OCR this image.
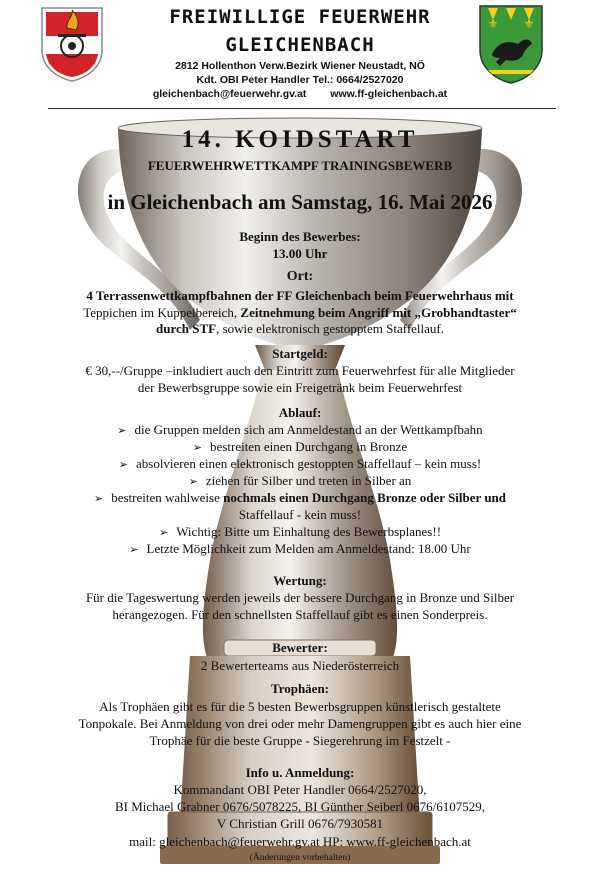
FREIWILLIGE FEUERWEHR
GLEICHENBACH
2812 Hollenthon Verw.Bezirk Wiener Neustadt, NÖ
Kdt. OBI Peter Handler Tel.: 0664/2527020
gleichenbach@feuerwehr.gv.at www.ff-gleichenbach.at
⚜ ⚜
14. KOIDSTART
FEUERWEHRWETTKAMPF TRAININGSBEWERB
in Gleichenbach am Samstag, 16. Mai 2026
Beginn des Bewerbes:
13.00 Uhr
Ort:
4 Terrassenwettkampfbahnen der FF Gleichenbach beim Feuerwehrhaus mit
Teppichen im Kuppelbereich, Zeitnehmung beim Angriff mit „Grobhandtaster“
durch STF, sowie elektronisch gestopptem Staffellauf.
Startgeld:
€ 30,--/Gruppe –inkludiert auch den Eintritt zum Feuerwehrfest für alle Mitglieder
der Bewerbsgruppe sowie ein Freigetränk beim Feuerwehrfest
Ablauf:
➢ die Gruppen melden sich am Anmeldestand an der Wettkampfbahn
➢ bestreiten einen Durchgang in Bronze
➢ absolvieren einen elektronisch gestoppten Staffellauf – kein muss!
➢ ziehen für Silber und treten in Silber an
➢ bestreiten wahlweise nochmals einen Durchgang Bronze oder Silber und
Staffellauf - kein muss!
➢ Wichtig: Bitte um Einhaltung des Bewerbsplanes!!
➢ Letzte Möglichkeit zum Melden am Anmeldestand: 18.00 Uhr
Wertung:
Für die Tageswertung werden jeweils der bessere Durchgang in Bronze und Silber
herangezogen. Für den schnellsten Staffellauf gibt es einen Sonderpreis.
Bewerter:
2 Bewerterteams aus Niederösterreich
Trophäen:
Als Trophäen gibt es für die 5 besten Bewerbsgruppen künstlerisch gestaltete
Tonpokale. Bei Anmeldung von drei oder mehr Damengruppen gibt es auch hier eine
Trophäe für die beste Gruppe - Siegerehrung im Festzelt -
Info u. Anmeldung:
Kommandant OBI Peter Handler 0664/2527020,
BI Michael Grabner 0676/5078225, BI Günther Seiberl 0676/6107529,
V Christian Grill 0676/7930581
mail: gleichenbach@feuerwehr.gv.at HP: www.ff-gleichenbach.at
(Änderungen vorbehalten)
